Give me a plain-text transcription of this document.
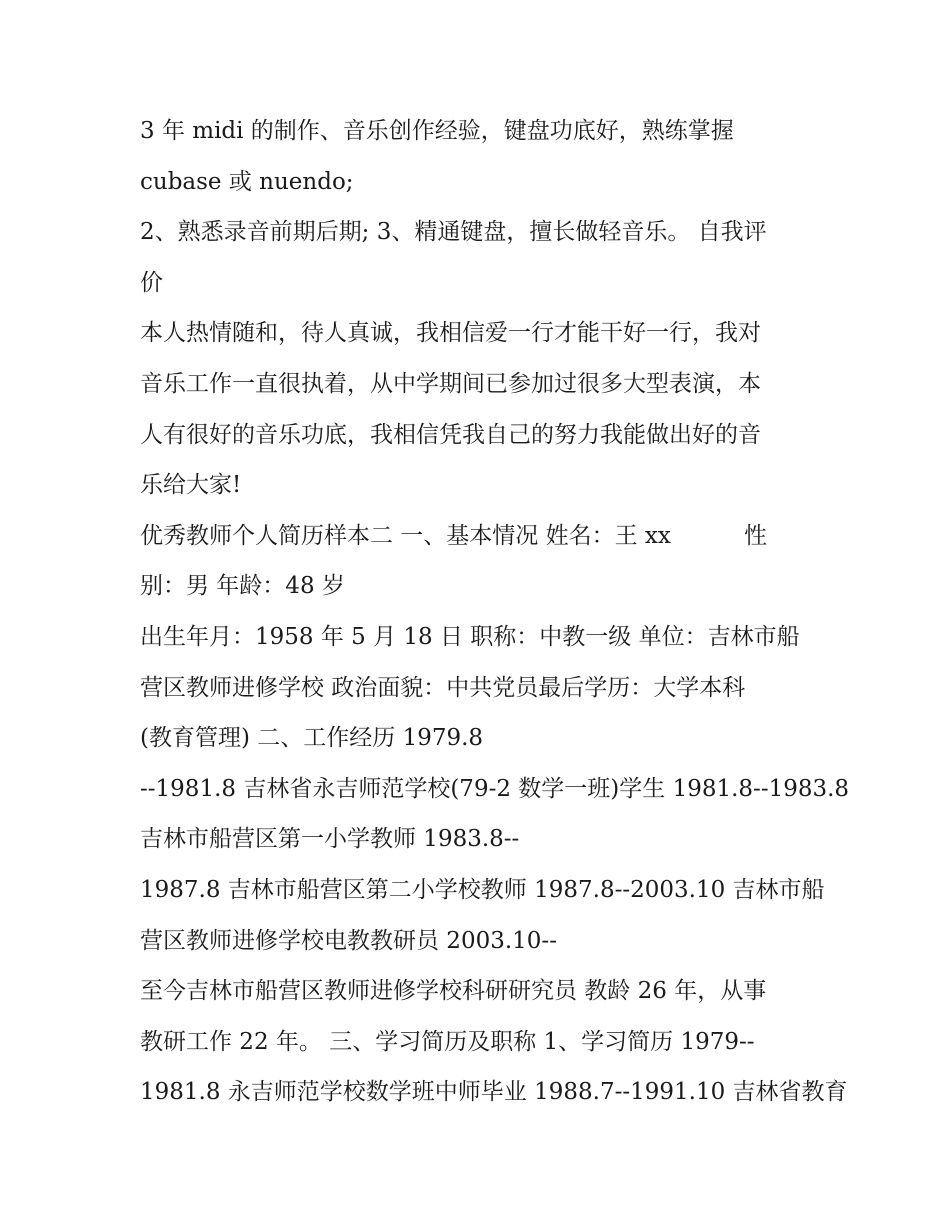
3 年 midi 的制作、音乐创作经验，键盘功底好，熟练掌握

cubase 或 nuendo;

2、熟悉录音前期后期; 3、精通键盘，擅长做轻音乐。 自我评

价

本人热情随和，待人真诚，我相信爱一行才能干好一行，我对

音乐工作一直很执着，从中学期间已参加过很多大型表演，本

人有很好的音乐功底，我相信凭我自己的努力我能做出好的音

乐给大家!

优秀教师个人简历样本二 一、基本情况 姓名：王 xx          性

别：男 年龄：48 岁

出生年月：1958 年 5 月 18 日 职称：中教一级 单位：吉林市船

营区教师进修学校 政治面貌：中共党员最后学历：大学本科

(教育管理) 二、工作经历 1979.8

--1981.8 吉林省永吉师范学校(79-2 数学一班)学生 1981.8--1983.8

吉林市船营区第一小学教师 1983.8--

1987.8 吉林市船营区第二小学校教师 1987.8--2003.10 吉林市船

营区教师进修学校电教教研员 2003.10--

至今吉林市船营区教师进修学校科研研究员 教龄 26 年，从事

教研工作 22 年。 三、学习简历及职称 1、学习简历 1979--

1981.8 永吉师范学校数学班中师毕业 1988.7--1991.10 吉林省教育
